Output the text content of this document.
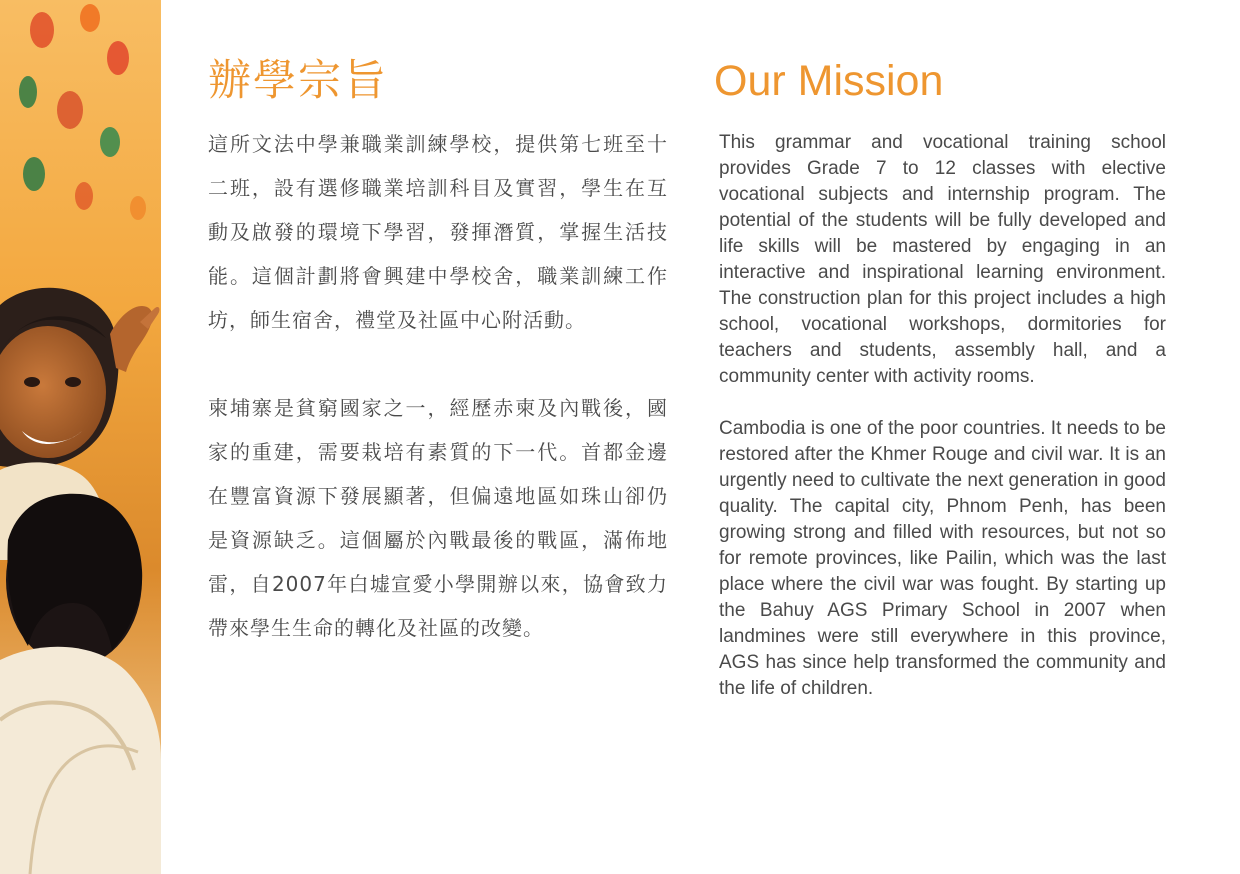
辦學宗旨

這所文法中學兼職業訓練學校，提供第七班至十二班，設有選修職業培訓科目及實習，學生在互動及啟發的環境下學習，發揮潛質，掌握生活技能。這個計劃將會興建中學校舍，職業訓練工作坊，師生宿舍，禮堂及社區中心附活動。

柬埔寨是貧窮國家之一，經歷赤柬及內戰後，國家的重建，需要栽培有素質的下一代。首都金邊在豐富資源下發展顯著，但偏遠地區如珠山卻仍是資源缺乏。這個屬於內戰最後的戰區，滿佈地雷，自2007年白墟宣愛小學開辦以來，協會致力帶來學生生命的轉化及社區的改變。

Our Mission

This grammar and vocational training school provides Grade 7 to 12 classes with elective vocational subjects and internship program. The potential of the students will be fully developed and life skills will be mastered by engaging in an interactive and inspirational learning environment. The construction plan for this project includes a high school, vocational workshops, dormitories for teachers and students, assembly hall, and a community center with activity rooms.

Cambodia is one of the poor countries. It needs to be restored after the Khmer Rouge and civil war. It is an urgently need to cultivate the next generation in good quality. The capital city, Phnom Penh, has been growing strong and filled with resources, but not so for remote provinces, like Pailin, which was the last place where the civil war was fought. By starting up the Bahuy AGS Primary School in 2007 when landmines were still everywhere in this province, AGS has since help transformed the community and the life of children.
